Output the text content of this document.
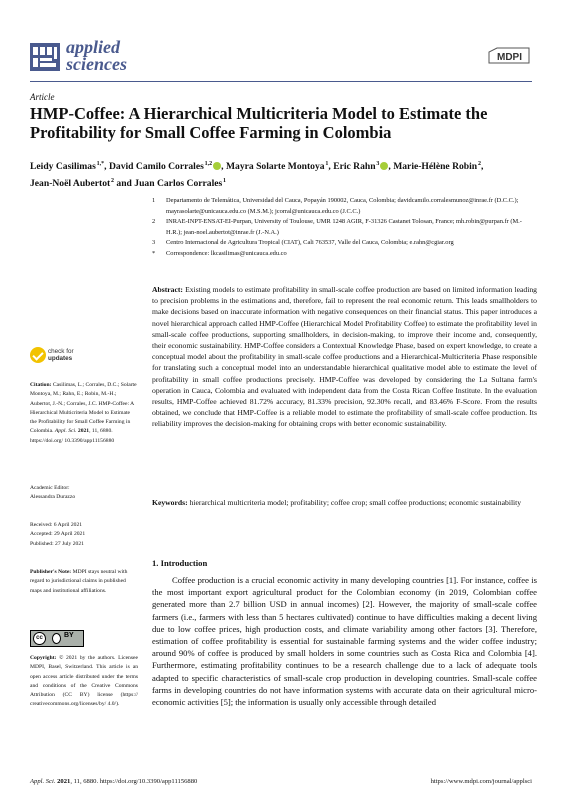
applied
sciences	MDPI
Article
HMP-Coffee: A Hierarchical Multicriteria Model to Estimate the Profitability for Small Coffee Farming in Colombia
Leidy Casilimas $^{1,*}$, David Camilo Corrales $^{1,2}$ , Mayra Solarte Montoya $^1$, Eric Rahn $^3$ , Marie-Hélène Robin $^2$,
Jean-Noël Aubertot $^2$ and Juan Carlos Corrales $^1$
1	Departamento de Telemática, Universidad del Cauca, Popayán 190002, Cauca, Colombia; davidcamilo.corralesmunoz@inrae.fr (D.C.C.); mayrasolarte@unicauca.edu.co (M.S.M.); jcorral@unicauca.edu.co (J.C.C.)
2	INRAE-INPT-ENSAT-EI-Purpan, University of Toulouse, UMR 1248 AGIR, F-31326 Castanet Tolosan, France; mh.robin@purpan.fr (M.-H.R.); jean-noel.aubertot@inrae.fr (J.-N.A.)
3	Centro Internacional de Agricultura Tropical (CIAT), Cali 763537, Valle del Cauca, Colombia; e.rahn@cgiar.org
*	Correspondence: lkcasilimas@unicauca.edu.co
Abstract: Existing models to estimate profitability in small-scale coffee production are based on limited information leading to precision problems in the estimations and, therefore, fail to represent the real economic return. This leads smallholders to make decisions based on inaccurate information with negative consequences on their financial status. This paper introduces a novel hierarchical approach called HMP-Coffee (Hierarchical Model Profitability Coffee) to estimate the profitability level in small-scale coffee productions, supporting smallholders, in decision-making, to improve their income and, consequently, their economic sustainability. HMP-Coffee considers a Contextual Knowledge Phase, based on expert knowledge, to create a conceptual model about the profitability in small-scale coffee productions and a Hierarchical-Multicriteria Phase responsible for translating such a conceptual model into an understandable hierarchical qualitative model able to estimate the level of profitability in small coffee productions precisely. HMP-Coffee was developed by considering the La Sultana farm's operation in Cauca, Colombia and evaluated with independent data from the Costa Rican Coffee Institute. In the evaluation results, HMP-Coffee achieved 81.72% accuracy, 81.33% precision, 92.30% recall, and 83.46% F-Score. From the results obtained, we conclude that HMP-Coffee is a reliable model to estimate the profitability of small-scale coffee production. Its reliability improves the decision-making for obtaining crops with better economic sustainability.
Keywords: hierarchical multicriteria model; profitability; coffee crop; small coffee productions; economic sustainability
check for
updates
Citation: Casilimas, L.; Corrales, D.C.; Solarte Montoya, M.; Rahn, E.; Robin, M.-H.; Aubertot, J.-N.; Corrales, J.C. HMP-Coffee: A Hierarchical Multicriteria Model to Estimate the Profitability for Small Coffee Farming in Colombia. Appl. Sci. 2021, 11, 6880. https://doi.org/ 10.3390/app11156880
Academic Editor:
Alessandra Durazzo
Received: 6 April 2021
Accepted: 29 April 2021
Published: 27 July 2021
Publisher's Note: MDPI stays neutral with regard to jurisdictional claims in published maps and institutional affiliations.
cc	BY
Copyright: © 2021 by the authors. Licensee MDPI, Basel, Switzerland. This article is an open access article distributed under the terms and conditions of the Creative Commons Attribution (CC BY) license (https:// creativecommons.org/licenses/by/ 4.0/).
1. Introduction
Coffee production is a crucial economic activity in many developing countries [1]. For instance, coffee is the most important export agricultural product for the Colombian economy (in 2019, Colombian coffee generated more than 2.7 billion USD in annual incomes) [2]. However, the majority of small-scale coffee farmers (i.e., farmers with less than 5 hectares cultivated) continue to have difficulties making a decent living due to low coffee prices, high production costs, and climate variability among other factors [3]. Therefore, estimation of coffee profitability is essential for sustainable farming systems and the wider coffee industry; around 90% of coffee is produced by small holders in some countries such as Costa Rica and Colombia [4]. Furthermore, estimating profitability continues to be a research challenge due to a lack of adequate tools adapted to specific characteristics of small-scale crop production in developing countries. Small-scale coffee farms in developing countries do not have information systems with accurate data on their agricultural micro-economic activities [5]; the information is usually only accessible through detailed
Appl. Sci. 2021, 11, 6880. https://doi.org/10.3390/app11156880	https://www.mdpi.com/journal/applsci
